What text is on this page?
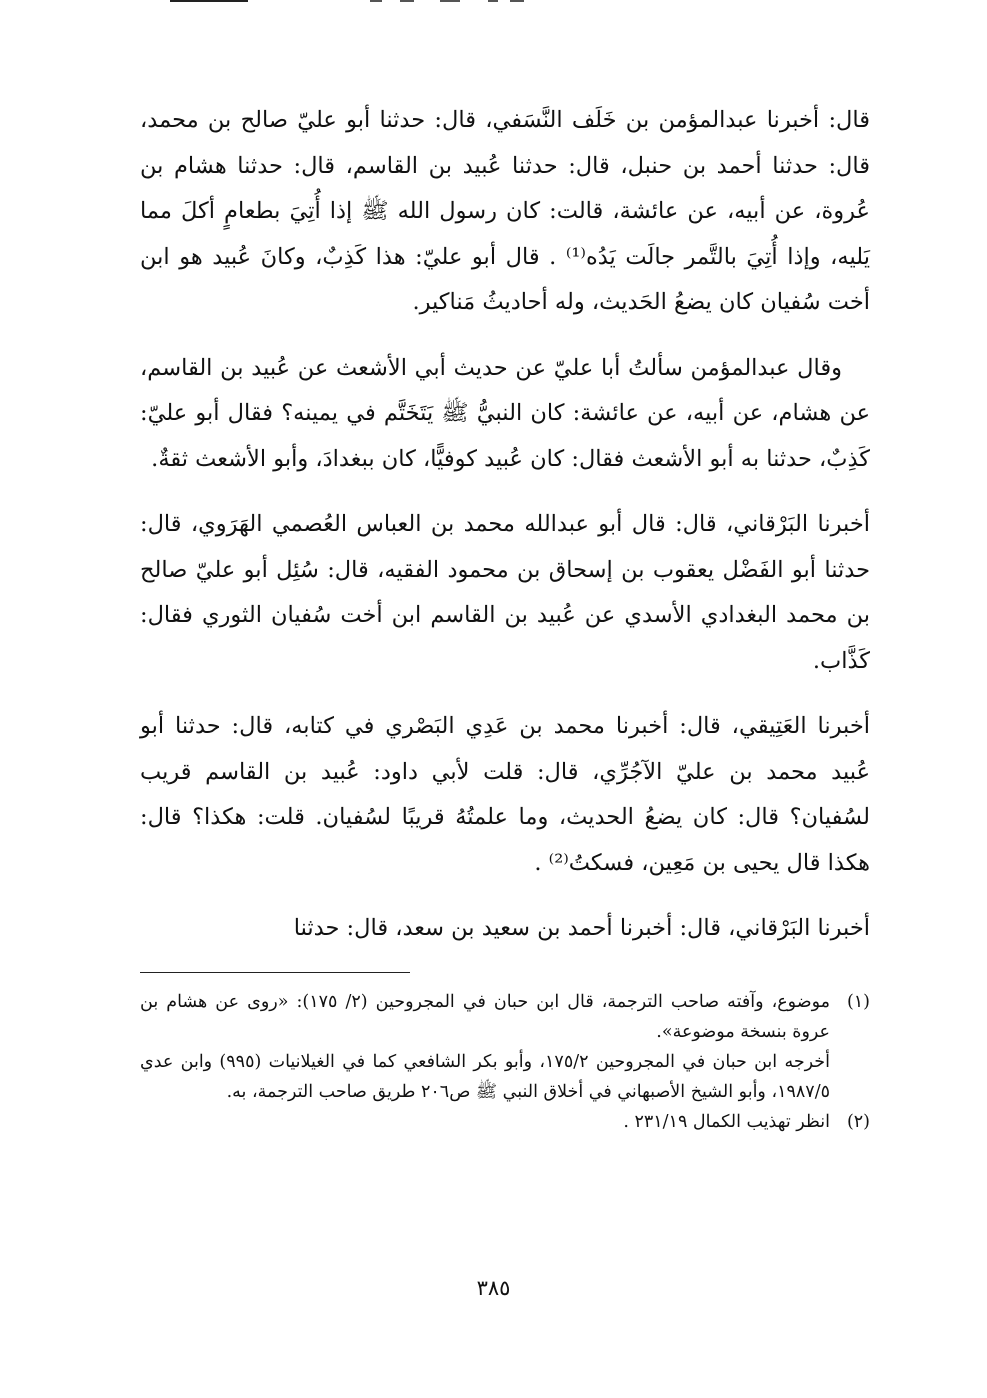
قال: أخبرنا عبدالمؤمن بن خَلَف النَّسَفي، قال: حدثنا أبو عليّ صالح بن محمد، قال: حدثنا أحمد بن حنبل، قال: حدثنا عُبيد بن القاسم، قال: حدثنا هشام بن عُروة، عن أبيه، عن عائشة، قالت: كان رسول الله ﷺ إذا أُتِيَ بطعامٍ أكلَ مما يَليه، وإذا أُتِيَ بالتَّمر جالَت يَدُه⁽¹⁾ . قال أبو عليّ: هذا كَذِبٌ، وكانَ عُبيد هو ابن أخت سُفيان كان يضعُ الحَديث، وله أحاديثُ مَناكير.

وقال عبدالمؤمن سألتُ أبا عليّ عن حديث أبي الأشعث عن عُبيد بن القاسم، عن هشام، عن أبيه، عن عائشة: كان النبيُّ ﷺ يَتَخَتَّم في يمينه؟ فقال أبو عليّ: كَذِبٌ، حدثنا به أبو الأشعث فقال: كان عُبيد كوفيًّا، كان ببغدادَ، وأبو الأشعث ثقةٌ.

أخبرنا البَرْقاني، قال: قال أبو عبدالله محمد بن العباس العُصمي الهَرَوي، قال: حدثنا أبو الفَضْل يعقوب بن إسحاق بن محمود الفقيه، قال: سُئِل أبو عليّ صالح بن محمد البغدادي الأسدي عن عُبيد بن القاسم ابن أخت سُفيان الثوري فقال: كَذَّاب.

أخبرنا العَتِيقي، قال: أخبرنا محمد بن عَدِي البَصْري في كتابه، قال: حدثنا أبو عُبيد محمد بن عليّ الآجُرِّي، قال: قلت لأبي داود: عُبيد بن القاسم قريب لسُفيان؟ قال: كان يضعُ الحديث، وما علمتُهُ قريبًا لسُفيان. قلت: هكذا؟ قال: هكذا قال يحيى بن مَعِين، فسكتُ⁽²⁾ .

أخبرنا البَرْقاني، قال: أخبرنا أحمد بن سعيد بن سعد، قال: حدثنا

(١)
موضوع، وآفته صاحب الترجمة، قال ابن حبان في المجروحين (٢/ ١٧٥): «روى عن هشام بن عروة بنسخة موضوعة».

أخرجه ابن حبان في المجروحين ١٧٥/٢، وأبو بكر الشافعي كما في الغيلانيات (٩٩٥) وابن عدي ١٩٨٧/٥، وأبو الشيخ الأصبهاني في أخلاق النبي ﷺ ص٢٠٦ طريق صاحب الترجمة، به.

(٢)
انظر تهذيب الكمال ٢٣١/١٩ .
٣٨٥
